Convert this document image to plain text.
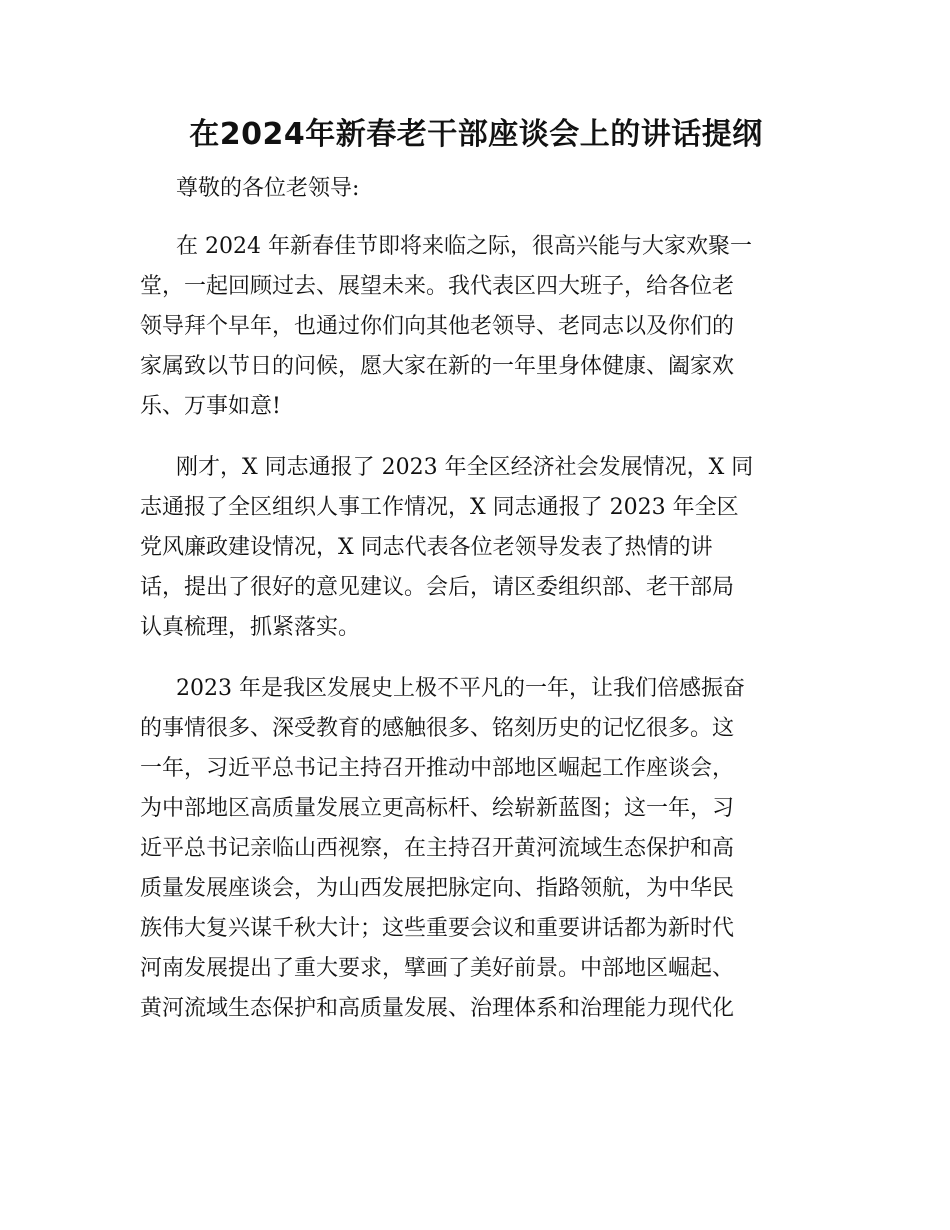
在2024年新春老干部座谈会上的讲话提纲

尊敬的各位老领导:

在 2024 年新春佳节即将来临之际，很高兴能与大家欢聚一
堂，一起回顾过去、展望未来。我代表区四大班子，给各位老
领导拜个早年，也通过你们向其他老领导、老同志以及你们的
家属致以节日的问候，愿大家在新的一年里身体健康、阖家欢
乐、万事如意!
刚才，X 同志通报了 2023 年全区经济社会发展情况，X 同
志通报了全区组织人事工作情况，X 同志通报了 2023 年全区
党风廉政建设情况，X 同志代表各位老领导发表了热情的讲
话，提出了很好的意见建议。会后，请区委组织部、老干部局
认真梳理，抓紧落实。
2023 年是我区发展史上极不平凡的一年，让我们倍感振奋
的事情很多、深受教育的感触很多、铭刻历史的记忆很多。这
一年，习近平总书记主持召开推动中部地区崛起工作座谈会，
为中部地区高质量发展立更高标杆、绘崭新蓝图；这一年，习
近平总书记亲临山西视察，在主持召开黄河流域生态保护和高
质量发展座谈会，为山西发展把脉定向、指路领航，为中华民
族伟大复兴谋千秋大计；这些重要会议和重要讲话都为新时代
河南发展提出了重大要求，擘画了美好前景。中部地区崛起、
黄河流域生态保护和高质量发展、治理体系和治理能力现代化
